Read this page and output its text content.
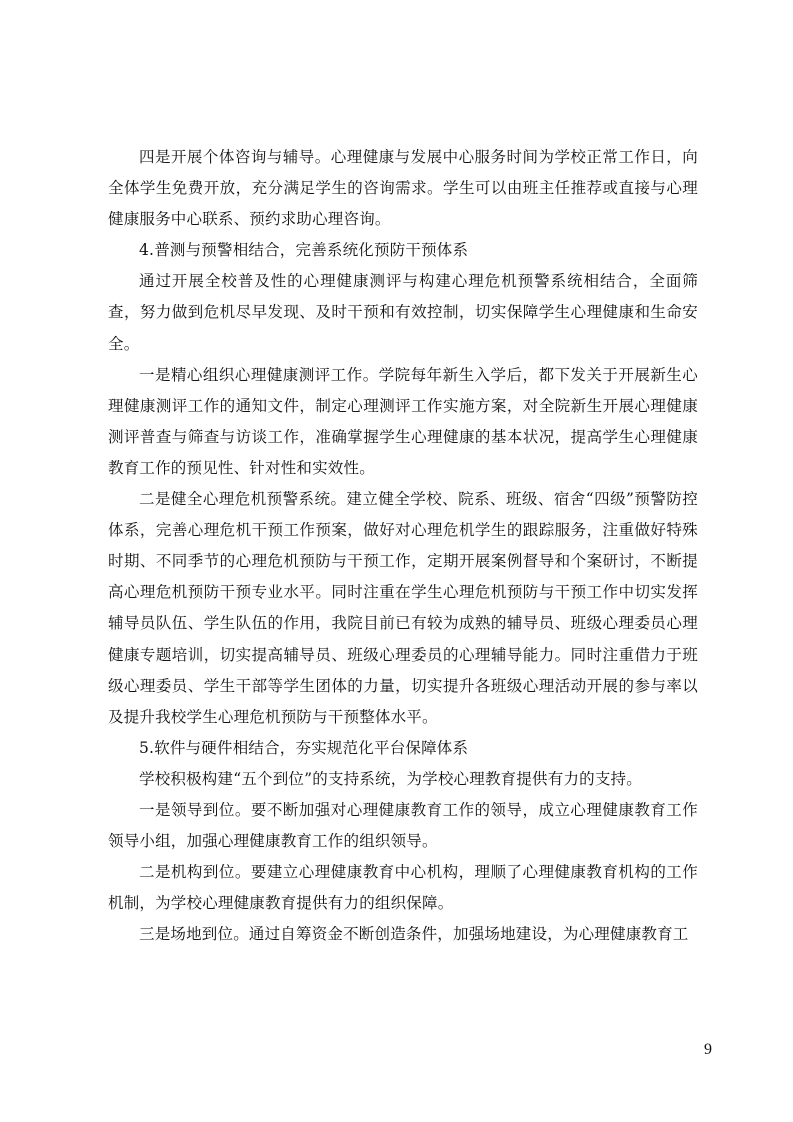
四是开展个体咨询与辅导。心理健康与发展中心服务时间为学校正常工作日，向全体学生免费开放，充分满足学生的咨询需求。学生可以由班主任推荐或直接与心理健康服务中心联系、预约求助心理咨询。

4.普测与预警相结合，完善系统化预防干预体系

通过开展全校普及性的心理健康测评与构建心理危机预警系统相结合，全面筛查，努力做到危机尽早发现、及时干预和有效控制，切实保障学生心理健康和生命安全。

一是精心组织心理健康测评工作。学院每年新生入学后，都下发关于开展新生心理健康测评工作的通知文件，制定心理测评工作实施方案，对全院新生开展心理健康测评普查与筛查与访谈工作，准确掌握学生心理健康的基本状况，提高学生心理健康教育工作的预见性、针对性和实效性。

二是健全心理危机预警系统。建立健全学校、院系、班级、宿舍“四级”预警防控体系，完善心理危机干预工作预案，做好对心理危机学生的跟踪服务，注重做好特殊时期、不同季节的心理危机预防与干预工作，定期开展案例督导和个案研讨，不断提高心理危机预防干预专业水平。同时注重在学生心理危机预防与干预工作中切实发挥辅导员队伍、学生队伍的作用，我院目前已有较为成熟的辅导员、班级心理委员心理健康专题培训，切实提高辅导员、班级心理委员的心理辅导能力。同时注重借力于班级心理委员、学生干部等学生团体的力量，切实提升各班级心理活动开展的参与率以及提升我校学生心理危机预防与干预整体水平。

5.软件与硬件相结合，夯实规范化平台保障体系

学校积极构建“五个到位”的支持系统，为学校心理教育提供有力的支持。

一是领导到位。要不断加强对心理健康教育工作的领导，成立心理健康教育工作领导小组，加强心理健康教育工作的组织领导。

二是机构到位。要建立心理健康教育中心机构，理顺了心理健康教育机构的工作机制，为学校心理健康教育提供有力的组织保障。

三是场地到位。通过自筹资金不断创造条件，加强场地建设，为心理健康教育工

9
